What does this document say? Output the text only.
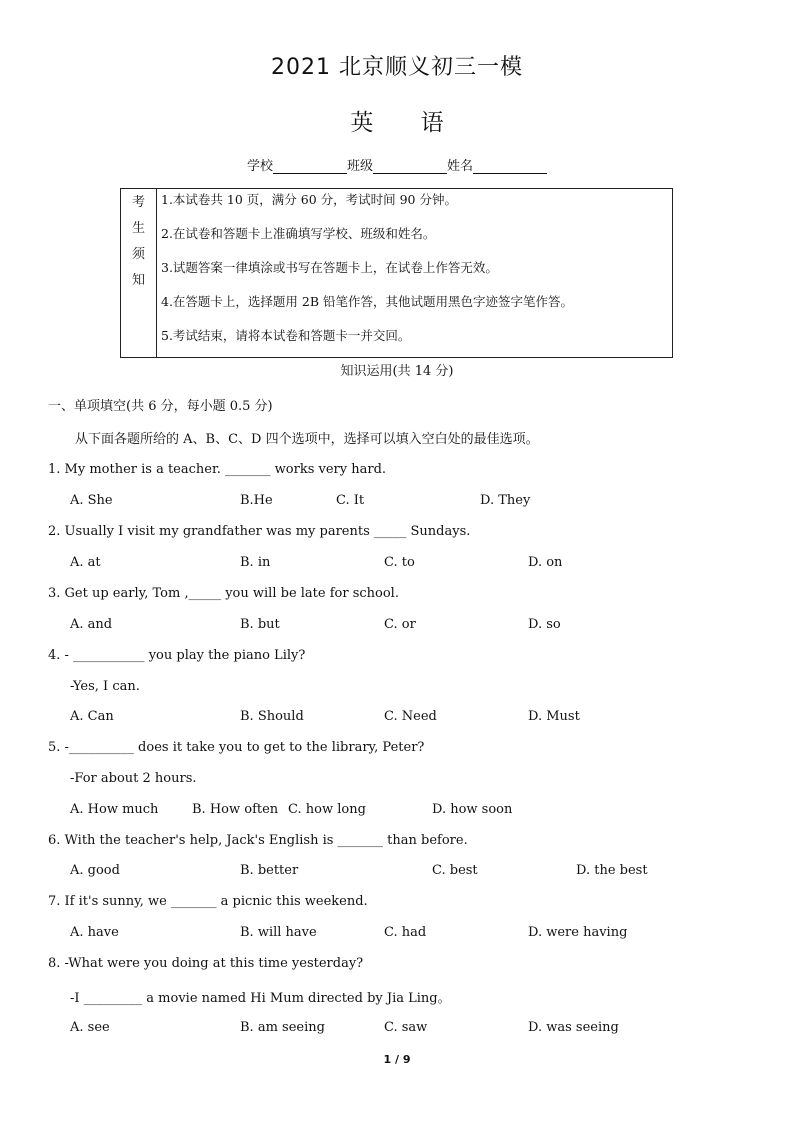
2021 北京顺义初三一模
英 语
学校	班级	姓名
考
生
须
知
1.本试卷共 10 页，满分 60 分，考试时间 90 分钟。
2.在试卷和答题卡上准确填写学校、班级和姓名。
3.试题答案一律填涂或书写在答题卡上，在试卷上作答无效。
4.在答题卡上，选择题用 2B 铅笔作答，其他试题用黑色字迹签字笔作答。
5.考试结束，请将本试卷和答题卡一并交回。
知识运用(共 14 分)
一、单项填空(共 6 分，每小题 0.5 分)
从下面各题所给的 A、B、C、D 四个选项中，选择可以填入空白处的最佳选项。
1. My mother is a teacher. _______ works very hard.
A. She	B.He	C. It	D. They
2. Usually I visit my grandfather was my parents _____ Sundays.
A. at	B. in	C. to	D. on
3. Get up early, Tom ,_____ you will be late for school.
A. and	B. but	C. or	D. so
4. - ___________ you play the piano Lily?
-Yes, I can.
A. Can	B. Should	C. Need	D. Must
5. -__________ does it take you to get to the library, Peter?
-For about 2 hours.
A. How much	B. How often C. how long	D. how soon
6. With the teacher's help, Jack's English is _______ than before.
A. good	B. better	C. best	D. the best
7. If it's sunny, we _______ a picnic this weekend.
A. have	B. will have	C. had	D. were having
8. -What were you doing at this time yesterday?
-I _________ a movie named Hi Mum directed by Jia Ling。
A. see	B. am seeing	C. saw	D. was seeing
1 / 9
